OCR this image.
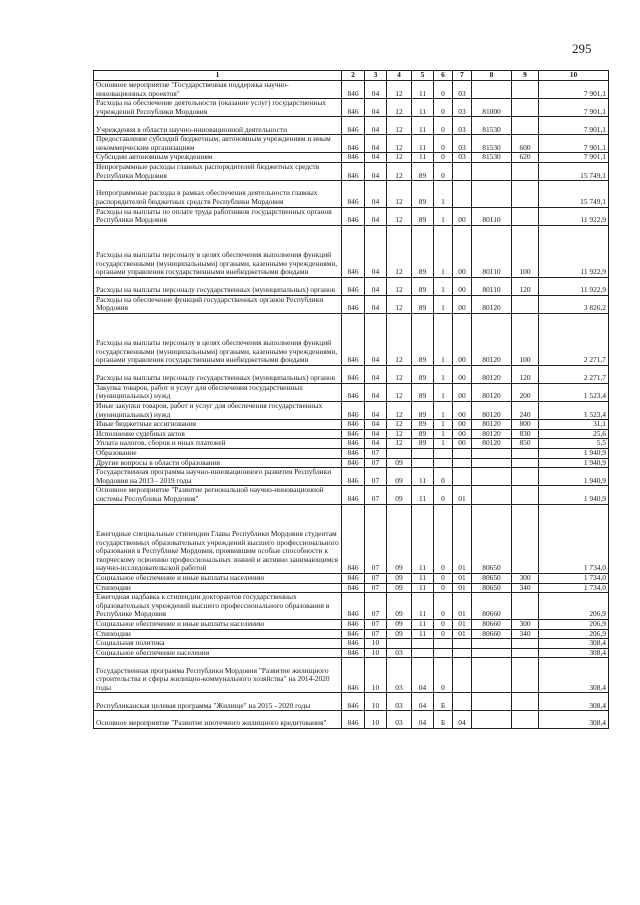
295
1	2	3	4	5	6	7	8	9	10
Основное мероприятие "Государственная поддержка научно-инновационных проектов"	846	04	12	11	0	03			7 901,1
Расходы на обеспечение деятельности (оказание услуг) государственных учреждений Республики Мордовия	846	04	12	11	0	03	81000		7 901,1
Учреждения в области научно-инновационной деятельности	846	04	12	11	0	03	81530		7 901,1
Предоставление субсидий бюджетным, автономным учреждениям и иным некоммерческим организациям	846	04	12	11	0	03	81530	600	7 901,1
Субсидии автономным учреждениям	846	04	12	11	0	03	81530	620	7 901,1
Непрограммные расходы главных распорядителей бюджетных средств Республики Мордовия	846	04	12	89	0				15 749,1
Непрограммные расходы в рамках обеспечения деятельности главных распорядителей бюджетных средств Республики Мордовия	846	04	12	89	1				15 749,1
Расходы на выплаты по оплате труда работников государственных органов Республики Мордовия	846	04	12	89	1	00	80110		11 922,9
Расходы на выплаты персоналу в целях обеспечения выполнения функций государственными (муниципальными) органами, казенными учреждениями, органами управления государственными внебюджетными фондами	846	04	12	89	1	00	80110	100	11 922,9
Расходы на выплаты персоналу государственных (муниципальных) органов	846	04	12	89	1	00	80110	120	11 922,9
Расходы на обеспечение функций государственных органов Республики Мордовия	846	04	12	89	1	00	80120		3 826,2
Расходы на выплаты персоналу в целях обеспечения выполнения функций государственными (муниципальными) органами, казенными учреждениями, органами управления государственными внебюджетными фондами	846	04	12	89	1	00	80120	100	2 271,7
Расходы на выплаты персоналу государственных (муниципальных) органов	846	04	12	89	1	00	80120	120	2 271,7
Закупка товаров, работ и услуг для обеспечения государственных (муниципальных) нужд	846	04	12	89	1	00	80120	200	1 523,4
Иные закупки товаров, работ и услуг для обеспечения государственных (муниципальных) нужд	846	04	12	89	1	00	80120	240	1 523,4
Иные бюджетные ассигнования	846	04	12	89	1	00	80120	800	31,1
Исполнение судебных актов	846	04	12	89	1	00	80120	830	25,6
Уплата налогов, сборов и иных платежей	846	04	12	89	1	00	80120	850	5,5
Образование	846	07							1 940,9
Другие вопросы в области образования	846	07	09						1 940,9
Государственная программа научно-инновационного развития Республики Мордовия на 2013 - 2019 годы	846	07	09	11	0				1 940,9
Основное мероприятие "Развитие региональной научно-инновационной системы Республики Мордовия"	846	07	09	11	0	01			1 940,9
Ежегодные специальные стипендии Главы Республики Мордовия студентам государственных образовательных учреждений высшего профессионального образования в Республике Мордовия, проявившим особые способности к творческому освоению профессиональных знаний и активно занимающимся научно-исследовательской работой	846	07	09	11	0	01	80650		1 734,0
Социальное обеспечение и иные выплаты населению	846	07	09	11	0	01	80650	300	1 734,0
Стипендии	846	07	09	11	0	01	80650	340	1 734,0
Ежегодная надбавка к стипендии докторантов государственных образовательных учреждений высшего профессионального образования в Республике Мордовия	846	07	09	11	0	01	80660		206,9
Социальное обеспечение и иные выплаты населению	846	07	09	11	0	01	80660	300	206,9
Стипендии	846	07	09	11	0	01	80660	340	206,9
Социальная политика	846	10							308,4
Социальное обеспечение населения	846	10	03						308,4
Государственная программа Республики Мордовия "Развитие жилищного строительства и сферы жилищно-коммунального хозяйства" на 2014-2020 годы	846	10	03	04	0				308,4
Республиканская целевая программа "Жилище" на 2015 - 2020 годы	846	10	03	04	Б				308,4
Основное мероприятие "Развитие ипотечного жилищного кредитования"	846	10	03	04	Б	04			308,4
